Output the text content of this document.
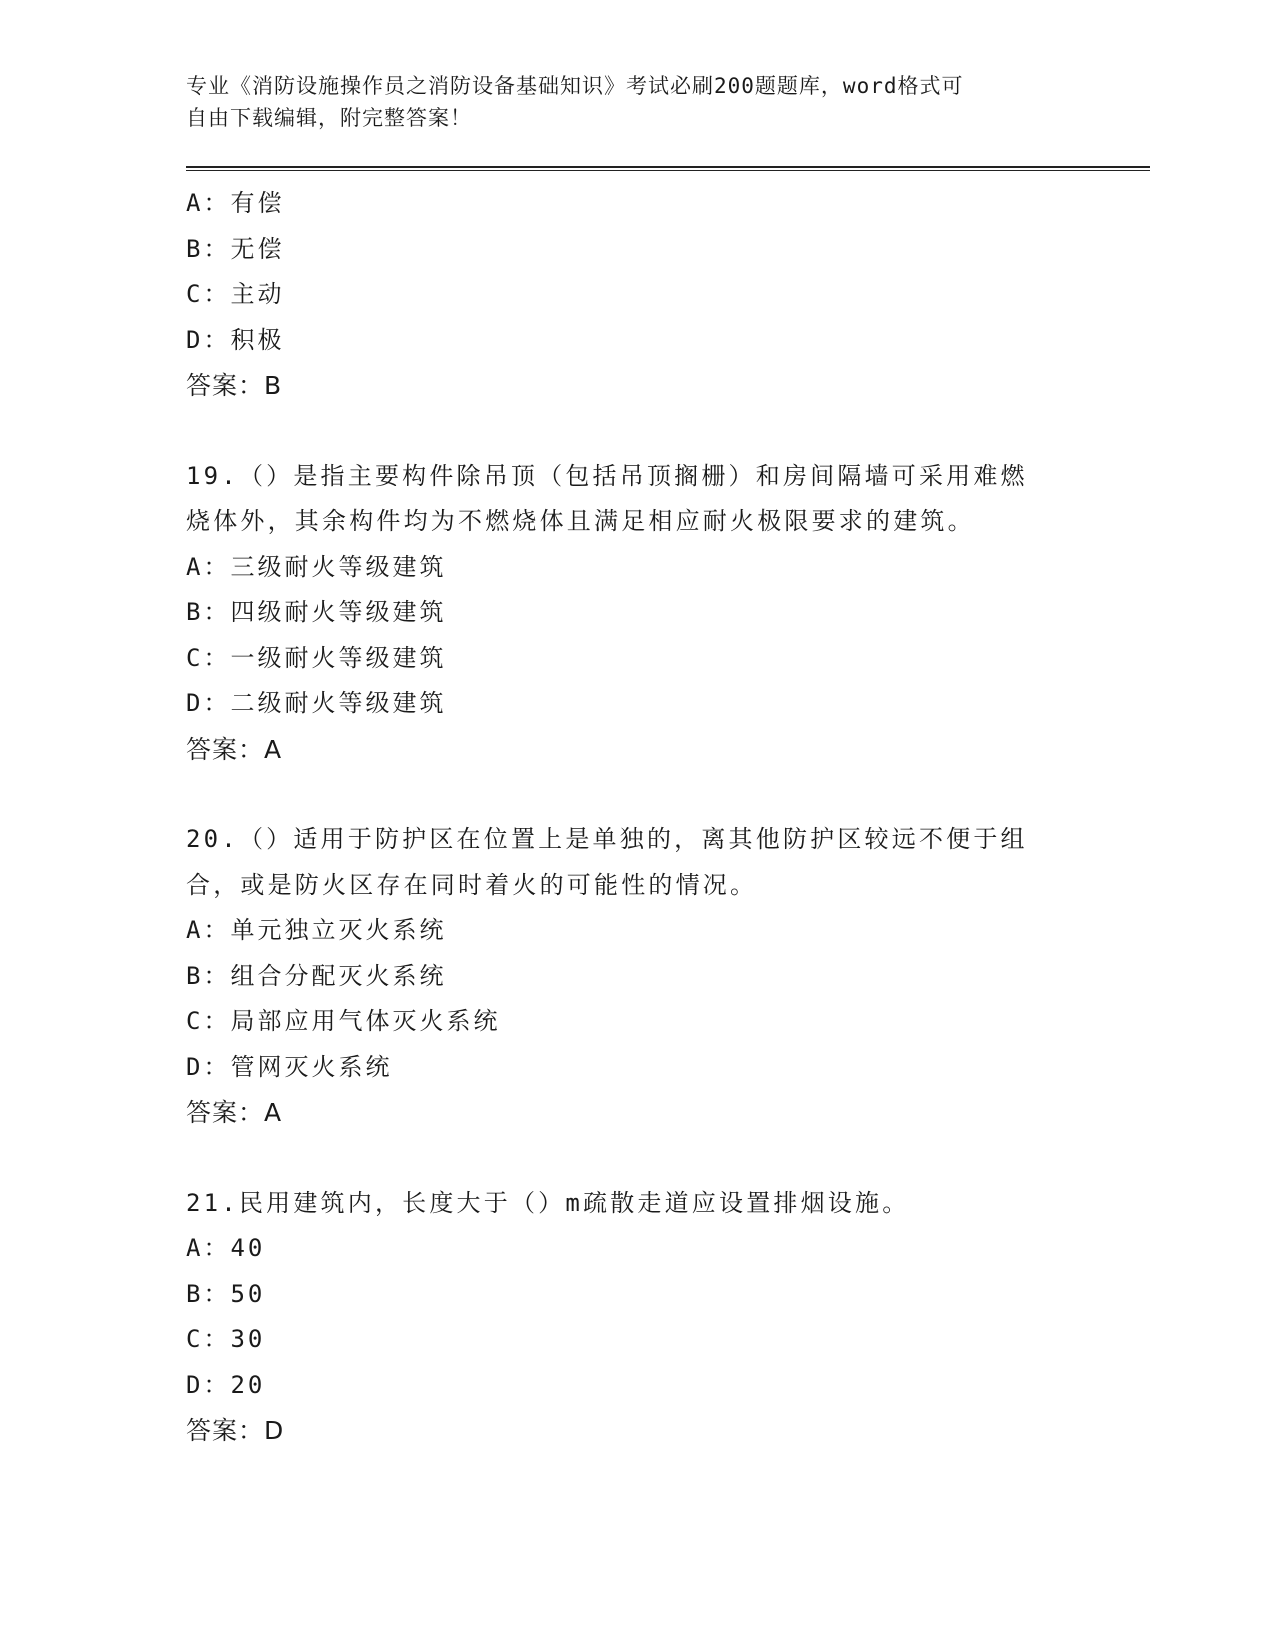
专业《消防设施操作员之消防设备基础知识》考试必刷200题题库，word格式可
自由下载编辑，附完整答案！
A：有偿
B：无偿
C：主动
D：积极
答案：B
19.（）是指主要构件除吊顶（包括吊顶搁栅）和房间隔墙可采用难燃
烧体外，其余构件均为不燃烧体且满足相应耐火极限要求的建筑。
A：三级耐火等级建筑
B：四级耐火等级建筑
C：一级耐火等级建筑
D：二级耐火等级建筑
答案：A
20.（）适用于防护区在位置上是单独的，离其他防护区较远不便于组
合，或是防火区存在同时着火的可能性的情况。
A：单元独立灭火系统
B：组合分配灭火系统
C：局部应用气体灭火系统
D：管网灭火系统
答案：A
21.民用建筑内，长度大于（）m疏散走道应设置排烟设施。
A：40
B：50
C：30
D：20
答案：D
